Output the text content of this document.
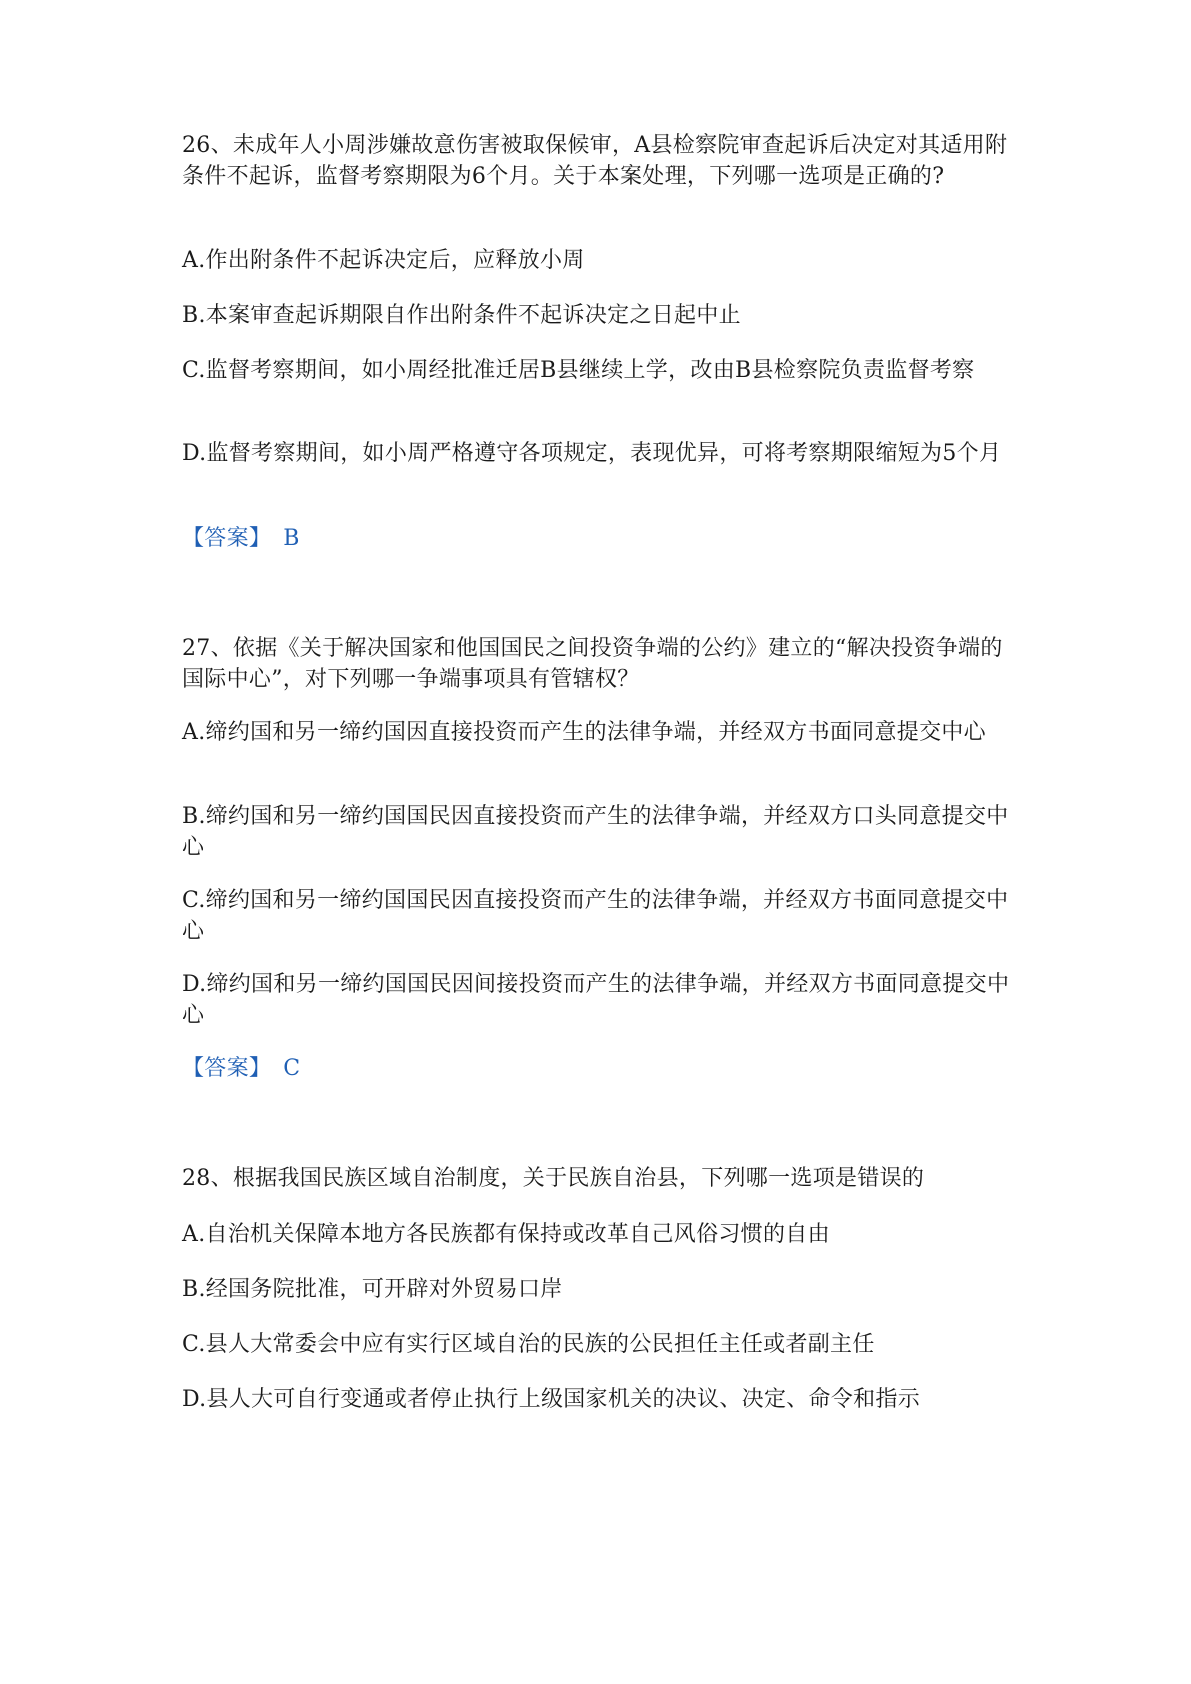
26、未成年人小周涉嫌故意伤害被取保候审，A县检察院审查起诉后决定对其适用附条件不起诉，监督考察期限为6个月。关于本案处理，下列哪一选项是正确的?

A.作出附条件不起诉决定后，应释放小周

B.本案审查起诉期限自作出附条件不起诉决定之日起中止

C.监督考察期间，如小周经批准迁居B县继续上学，改由B县检察院负责监督考察

D.监督考察期间，如小周严格遵守各项规定，表现优异，可将考察期限缩短为5个月

【答案】 B

27、依据《关于解决国家和他国国民之间投资争端的公约》建立的“解决投资争端的国际中心”，对下列哪一争端事项具有管辖权？

A.缔约国和另一缔约国因直接投资而产生的法律争端，并经双方书面同意提交中心

B.缔约国和另一缔约国国民因直接投资而产生的法律争端，并经双方口头同意提交中心

C.缔约国和另一缔约国国民因直接投资而产生的法律争端，并经双方书面同意提交中心

D.缔约国和另一缔约国国民因间接投资而产生的法律争端，并经双方书面同意提交中心

【答案】 C

28、根据我国民族区域自治制度，关于民族自治县，下列哪一选项是错误的

A.自治机关保障本地方各民族都有保持或改革自己风俗习惯的自由

B.经国务院批准，可开辟对外贸易口岸

C.县人大常委会中应有实行区域自治的民族的公民担任主任或者副主任

D.县人大可自行变通或者停止执行上级国家机关的决议、决定、命令和指示
